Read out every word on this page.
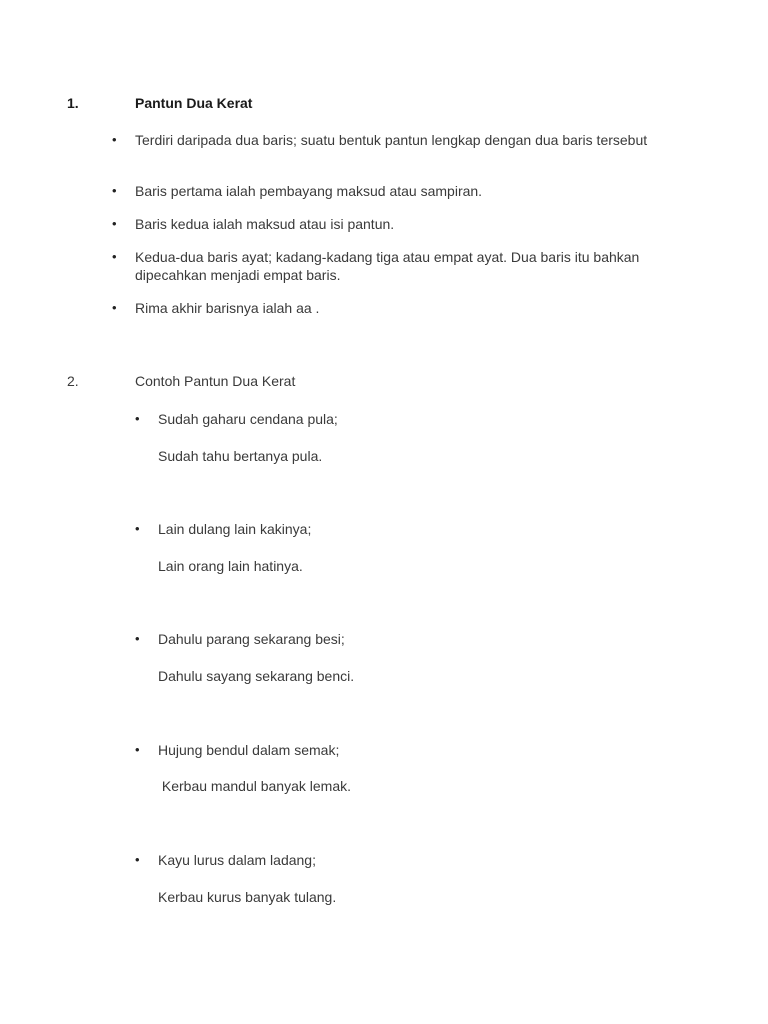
1.	Pantun Dua Kerat
• Terdiri daripada dua baris; suatu bentuk pantun lengkap dengan dua baris tersebut
• Baris pertama ialah pembayang maksud atau sampiran.
• Baris kedua ialah maksud atau isi pantun.
• Kedua-dua baris ayat; kadang-kadang tiga atau empat ayat. Dua baris itu bahkan dipecahkan menjadi empat baris.
• Rima akhir barisnya ialah aa .
2.	Contoh Pantun Dua Kerat
• Sudah gaharu cendana pula;
Sudah tahu bertanya pula.
• Lain dulang lain kakinya;
Lain orang lain hatinya.
• Dahulu parang sekarang besi;
Dahulu sayang sekarang benci.
• Hujung bendul dalam semak;
Kerbau mandul banyak lemak.
• Kayu lurus dalam ladang;
Kerbau kurus banyak tulang.
